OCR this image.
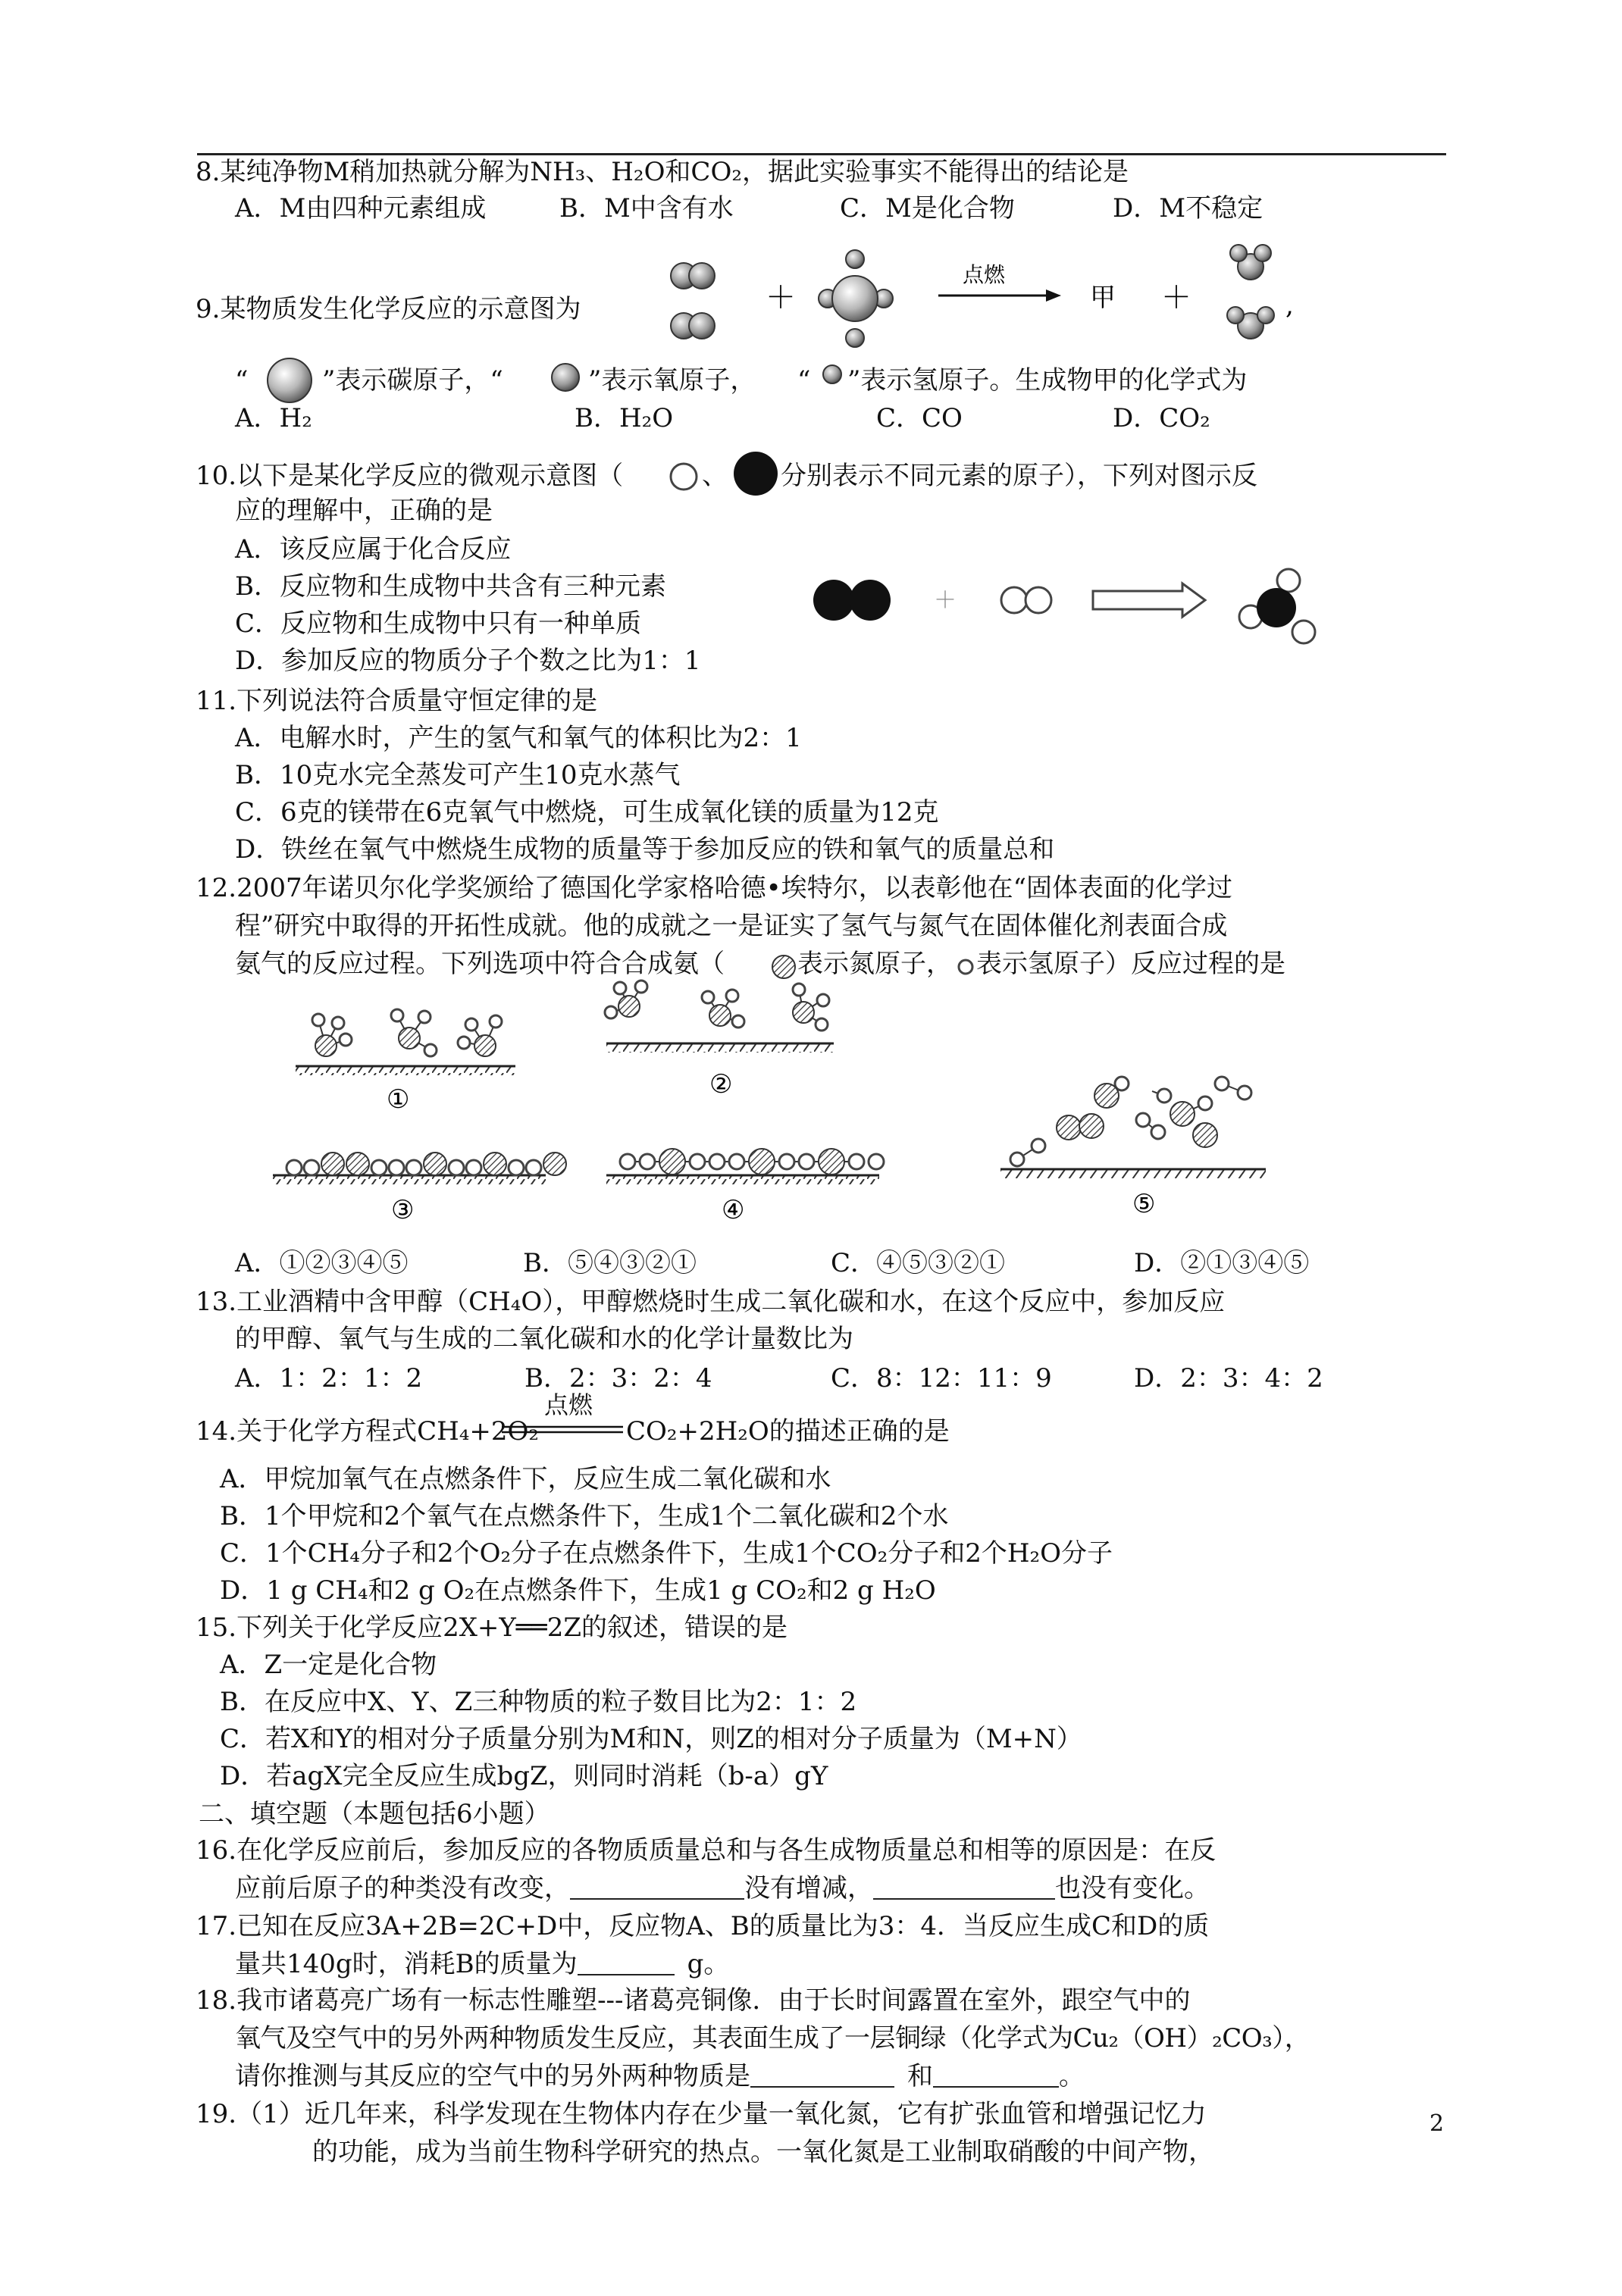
8.某纯净物M稍加热就分解为NH₃、H₂O和CO₂，据此实验事实不能得出的结论是
A．M由四种元素组成	B．M中含有水	C．M是化合物	D．M不稳定
9.某物质发生化学反应的示意图为	＋
点燃
甲 ＋	,
“	”表示碳原子，“	”表示氧原子， “ ”表示氢原子。生成物甲的化学式为
A．H₂	B．H₂O	C．CO	D．CO₂
10.以下是某化学反应的微观示意图（	、 分别表示不同元素的原子），下列对图示反
应的理解中，正确的是
A．该反应属于化合反应
B．反应物和生成物中共含有三种元素
C．反应物和生成物中只有一种单质
D．参加反应的物质分子个数之比为1：1
＋
11.下列说法符合质量守恒定律的是
A．电解水时，产生的氢气和氧气的体积比为2：1
B．10克水完全蒸发可产生10克水蒸气
C．6克的镁带在6克氧气中燃烧，可生成氧化镁的质量为12克
D．铁丝在氧气中燃烧生成物的质量等于参加反应的铁和氧气的质量总和
12.2007年诺贝尔化学奖颁给了德国化学家格哈德•埃特尔，以表彰他在“固体表面的化学过
程”研究中取得的开拓性成就。他的成就之一是证实了氢气与氮气在固体催化剂表面合成
氨气的反应过程。下列选项中符合合成氨（	表示氮原子， 表示氢原子）反应过程的是
①	②
③	④	⑤
A．①②③④⑤	B．⑤④③②①	C．④⑤③②①	D．②①③④⑤
13.工业酒精中含甲醇（CH₄O），甲醇燃烧时生成二氧化碳和水，在这个反应中，参加反应
的甲醇、氧气与生成的二氧化碳和水的化学计量数比为
A．1：2：1：2	B．2：3：2：4	C．8：12：11：9	D．2：3：4：2
14.关于化学方程式CH₄+2O₂
点燃
CO₂+2H₂O的描述正确的是
A．甲烷加氧气在点燃条件下，反应生成二氧化碳和水
B．1个甲烷和2个氧气在点燃条件下，生成1个二氧化碳和2个水
C．1个CH₄分子和2个O₂分子在点燃条件下，生成1个CO₂分子和2个H₂O分子
D．1 g CH₄和2 g O₂在点燃条件下，生成1 g CO₂和2 g H₂O
15.下列关于化学反应2X+Y══2Z的叙述，错误的是
A．Z一定是化合物
B．在反应中X、Y、Z三种物质的粒子数目比为2：1：2
C．若X和Y的相对分子质量分别为M和N，则Z的相对分子质量为（M+N）
D．若agX完全反应生成bgZ，则同时消耗（b-a）gY
二、填空题（本题包括6小题）
16.在化学反应前后，参加反应的各物质质量总和与各生成物质量总和相等的原因是：在反
应前后原子的种类没有改变，	没有增减，	也没有变化。
17.已知在反应3A+2B=2C+D中，反应物A、B的质量比为3：4．当反应生成C和D的质
量共140g时，消耗B的质量为 	g。
18.我市诸葛亮广场有一标志性雕塑---诸葛亮铜像．由于长时间露置在室外，跟空气中的
氧气及空气中的另外两种物质发生反应，其表面生成了一层铜绿（化学式为Cu₂（OH）₂CO₃），
请你推测与其反应的空气中的另外两种物质是 	和	。
19.（1）近几年来，科学发现在生物体内存在少量一氧化氮，它有扩张血管和增强记忆力
的功能，成为当前生物科学研究的热点。一氧化氮是工业制取硝酸的中间产物，
2
